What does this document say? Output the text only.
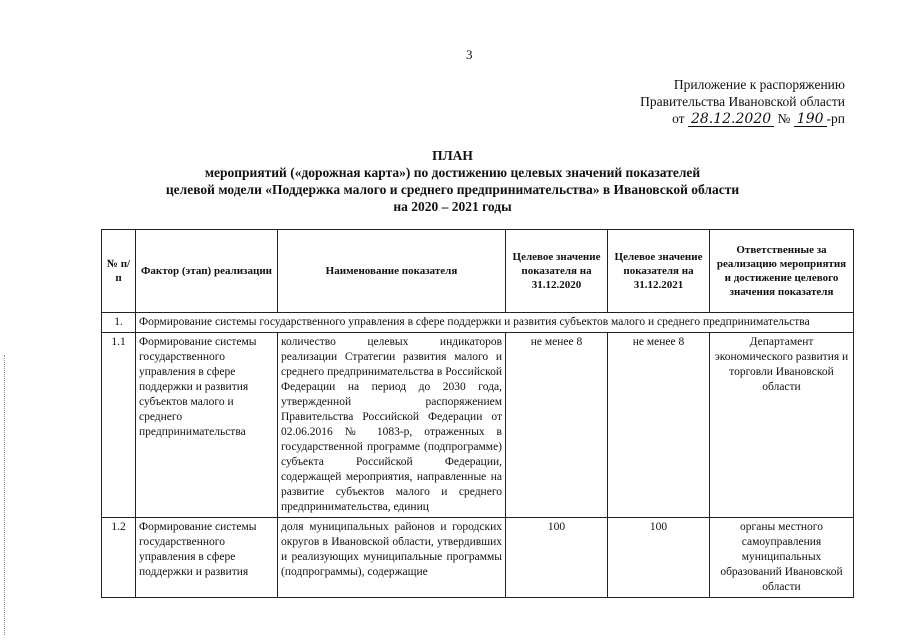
3
Приложение к распоряжению
Правительства Ивановской области
от 28.12.2020 № 190 -рп
ПЛАН
мероприятий («дорожная карта») по достижению целевых значений показателей
целевой модели «Поддержка малого и среднего предпринимательства» в Ивановской области
на 2020 – 2021 годы
№ п/п	Фактор (этап) реализации	Наименование показателя	Целевое значение показателя на 31.12.2020	Целевое значение показателя на 31.12.2021	Ответственные за реализацию мероприятия и достижение целевого значения показателя
1.	Формирование системы государственного управления в сфере поддержки и развития субъектов малого и среднего предпринимательства				
1.1	Формирование системы государственного управления в сфере поддержки и развития субъектов малого и среднего предпринимательства	количество целевых индикаторов реализации Стратегии развития малого и среднего предпринимательства в Российской Федерации на период до 2030 года, утвержденной распоряжением Правительства Российской Федерации от 02.06.2016 № 1083-р, отраженных в государственной программе (подпрограмме) субъекта Российской Федерации, содержащей мероприятия, направленные на развитие субъектов малого и среднего предпринимательства, единиц	не менее 8	не менее 8	Департамент экономического развития и торговли Ивановской области
1.2	Формирование системы государственного управления в сфере поддержки и развития	доля муниципальных районов и городских округов в Ивановской области, утвердивших и реализующих муниципальные программы (подпрограммы), содержащие	100	100	органы местного самоуправления муниципальных образований Ивановской области
